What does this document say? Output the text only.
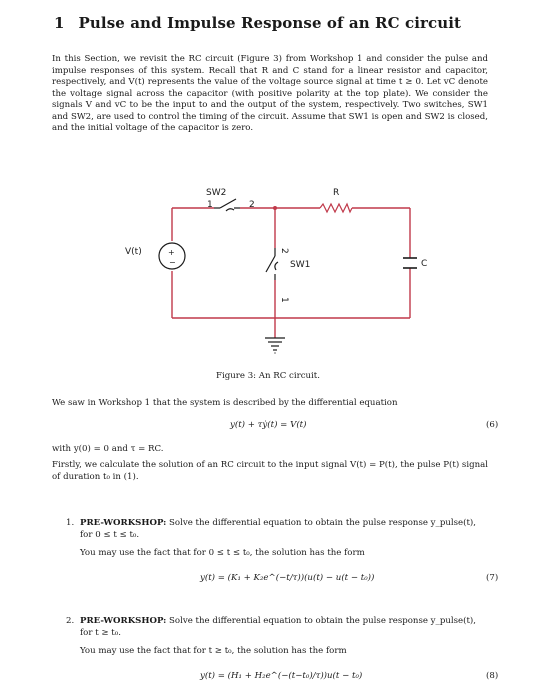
1 Pulse and Impulse Response of an RC circuit

In this Section, we revisit the RC circuit (Figure 3) from Workshop 1 and consider the pulse and impulse responses of this system. Recall that R and C stand for a linear resistor and capacitor, respectively, and V(t) represents the value of the voltage source signal at time t ≥ 0. Let vC denote the voltage signal across the capacitor (with positive polarity at the top plate). We consider the signals V and vC to be the input to and the output of the system, respectively. Two switches, SW1 and SW2, are used to control the timing of the circuit. Assume that SW1 is open and SW2 is closed, and the initial voltage of the capacitor is zero.

SW2
1	2
R
C
+
−
V(t)
SW1
2
1
Figure 3: An RC circuit.

We saw in Workshop 1 that the system is described by the differential equation

y(t) + τẏ(t) = V(t)	(6)

with y(0) = 0 and τ = RC.

Firstly, we calculate the solution of an RC circuit to the input signal V(t) = P(t), the pulse P(t) signal of duration t₀ in (1).

1. PRE-WORKSHOP: Solve the differential equation to obtain the pulse response y_pulse(t),
for 0 ≤ t ≤ t₀.

You may use the fact that for 0 ≤ t ≤ t₀, the solution has the form

y(t) = (K₁ + K₂e^(−t/τ))(u(t) − u(t − t₀))	(7)
2. PRE-WORKSHOP: Solve the differential equation to obtain the pulse response y_pulse(t),
for t ≥ t₀.

You may use the fact that for t ≥ t₀, the solution has the form

y(t) = (H₁ + H₂e^(−(t−t₀)/τ))u(t − t₀)	(8)
